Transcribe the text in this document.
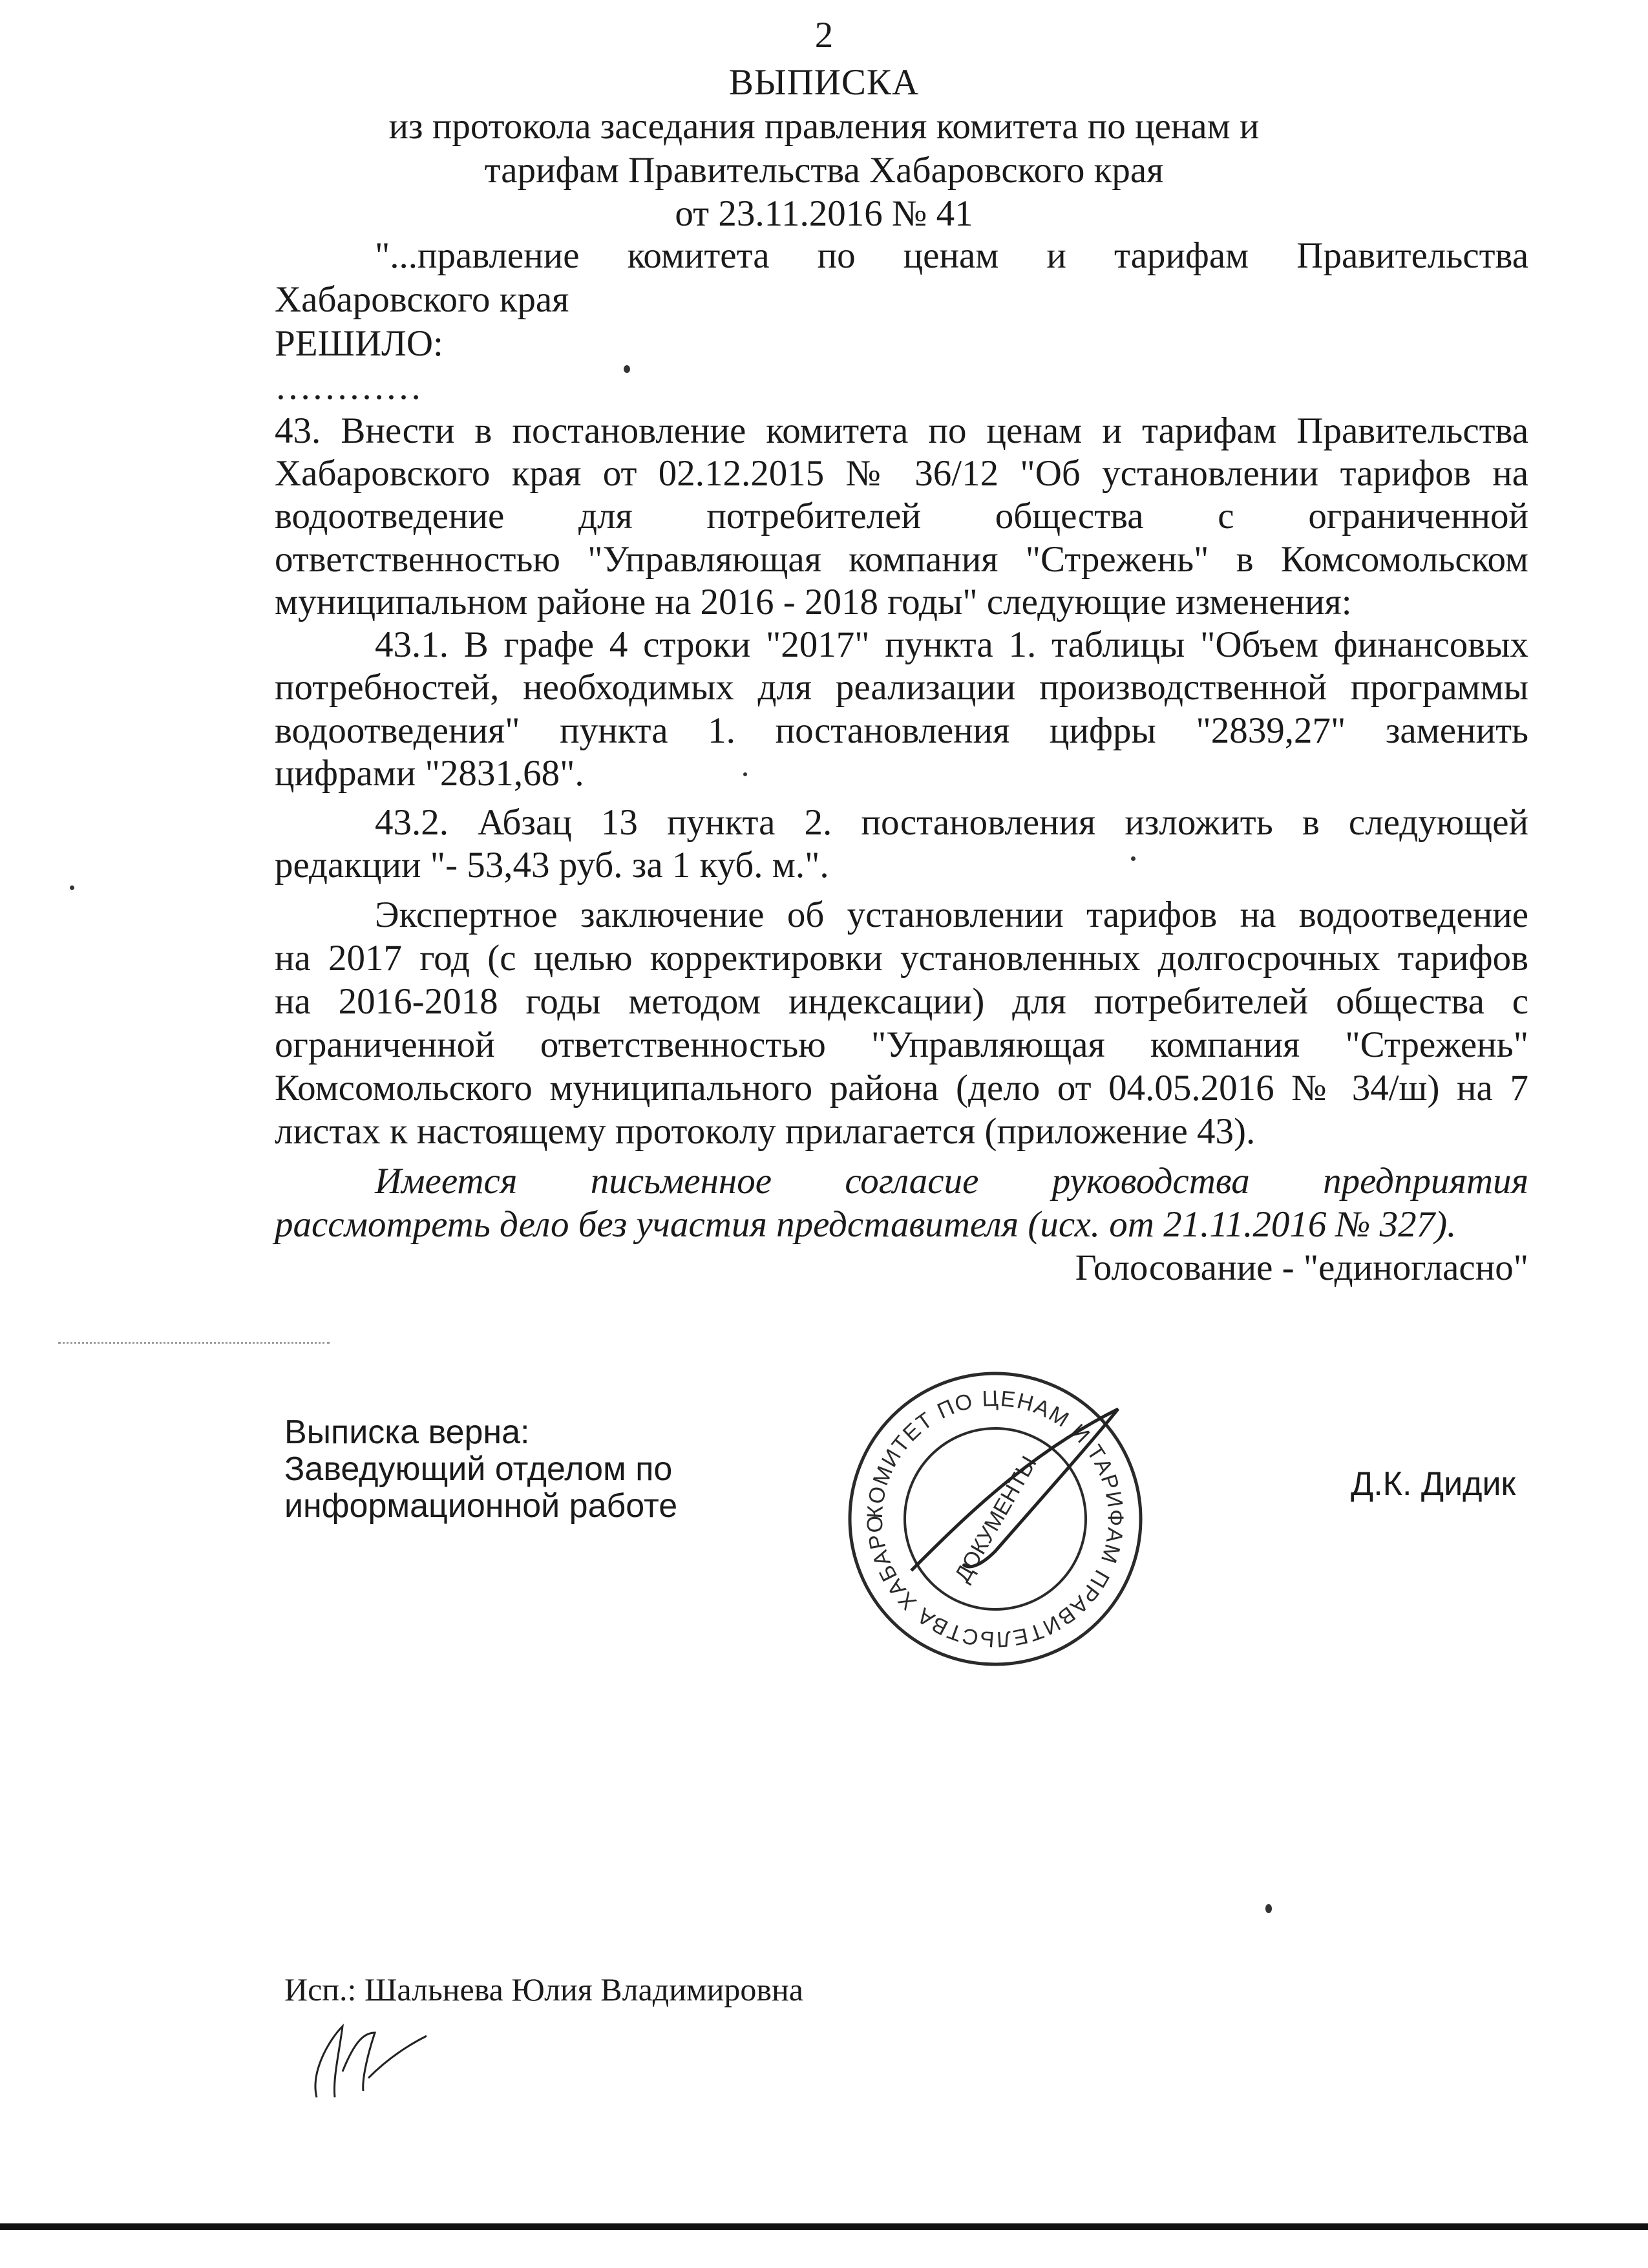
2
ВЫПИСКА
из протокола заседания правления комитета по ценам и
тарифам Правительства Хабаровского края
от 23.11.2016 № 41
"...правление комитета по ценам и тарифам Правительства
Хабаровского края
РЕШИЛО:
…………
43. Внести в постановление комитета по ценам и тарифам Правительства
Хабаровского края от 02.12.2015 № 36/12 "Об установлении тарифов на
водоотведение для потребителей общества с ограниченной
ответственностью "Управляющая компания "Стрежень" в Комсомольском
муниципальном районе на 2016 - 2018 годы" следующие изменения:
43.1. В графе 4 строки "2017" пункта 1. таблицы "Объем финансовых
потребностей, необходимых для реализации производственной программы
водоотведения" пункта 1. постановления цифры "2839,27" заменить
цифрами "2831,68".
43.2. Абзац 13 пункта 2. постановления изложить в следующей
редакции "- 53,43 руб. за 1 куб. м.".
Экспертное заключение об установлении тарифов на водоотведение
на 2017 год (с целью корректировки установленных долгосрочных тарифов
на 2016-2018 годы методом индексации) для потребителей общества с
ограниченной ответственностью "Управляющая компания "Стрежень"
Комсомольского муниципального района (дело от 04.05.2016 № 34/ш) на 7
листах к настоящему протоколу прилагается (приложение 43).
Имеется письменное согласие руководства предприятия
рассмотреть дело без участия представителя (исх. от 21.11.2016 № 327).
Голосование - "единогласно"
Выписка верна:
Заведующий отделом по
информационной работе
Д.К. Дидик
КОМИТЕТ ПО ЦЕНАМ И ТАРИФАМ ПРАВИТЕЛЬСТВА ХАБАРО	ДОКУМЕНТЫ
Исп.: Шальнева Юлия Владимировна
